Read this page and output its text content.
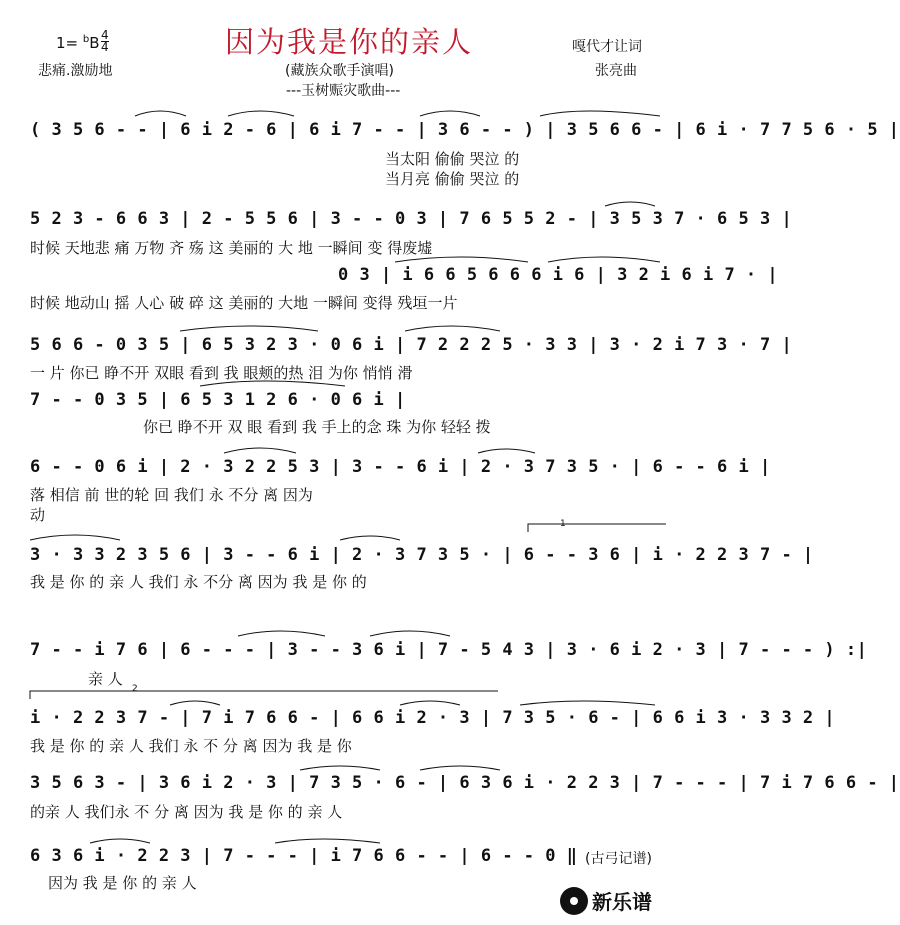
因为我是你的亲人
1= $^b$B 4
4
悲痛.激励地	(藏族众歌手演唱)
---玉树赈灾歌曲---
嘎代才让词
张亮曲
( 3 5 6 - - | 6 i 2 - 6 | 6 i 7 - - | 3 6 - - ) | 3 5 6 6 - | 6 i · 7 7 5 6 · 5 |
当太阳 偷偷 哭泣 的
当月亮 偷偷 哭泣 的
5 2 3 - 6 6 3 | 2 - 5 5 6 | 3 - - 0 3 | 7 6 5 5 2 - | 3 5 3 7 · 6 5 3 |
时候 天地悲 痛 万物 齐 殇 这 美丽的 大 地 一瞬间 变 得废墟
0 3 | i 6 6 5 6 6 6 i 6 | 3 2 i 6 i 7 · |
时候 地动山 摇 人心 破 碎 这 美丽的 大地 一瞬间 变得 残垣一片
5 6 6 - 0 3 5 | 6 5 3 2 3 · 0 6 i | 7 2 2 2 5 · 3 3 | 3 · 2 i 7 3 · 7 |
一 片 你已 睁不开 双眼 看到 我 眼颊的热 泪 为你 悄悄 滑
7 - - 0 3 5 | 6 5 3 1 2 6 · 0 6 i |
你已 睁不开 双 眼 看到 我 手上的念 珠 为你 轻轻 拨
6 - - 0 6 i | 2 · 3 2 2 5 3 | 3 - - 6 i | 2 · 3 7 3 5 · | 6 - - 6 i |
落 相信 前 世的轮 回 我们 永 不分 离 因为
动	1
3 · 3 3 2 3 5 6 | 3 - - 6 i | 2 · 3 7 3 5 · | 6 - - 3 6 | i · 2 2 3 7 - |
我 是 你 的 亲 人 我们 永 不分 离 因为 我 是 你 的
7 - - i 7 6 | 6 - - - | 3 - - 3 6 i | 7 - 5 4 3 | 3 · 6 i 2 · 3 | 7 - - - ) :|
亲 人
2
i · 2 2 3 7 - | 7 i 7 6 6 - | 6 6 i 2 · 3 | 7 3 5 · 6 - | 6 6 i 3 · 3 3 2 |
我 是 你 的 亲 人 我们 永 不 分 离 因为 我 是 你
3 5 6 3 - | 3 6 i 2 · 3 | 7 3 5 · 6 - | 6 3 6 i · 2 2 3 | 7 - - - | 7 i 7 6 6 - |
的亲 人 我们永 不 分 离 因为 我 是 你 的 亲 人
6 3 6 i · 2 2 3 | 7 - - - | i 7 6 6 - - | 6 - - 0 ‖
因为 我 是 你 的 亲 人
(古弓记谱)
新乐谱
